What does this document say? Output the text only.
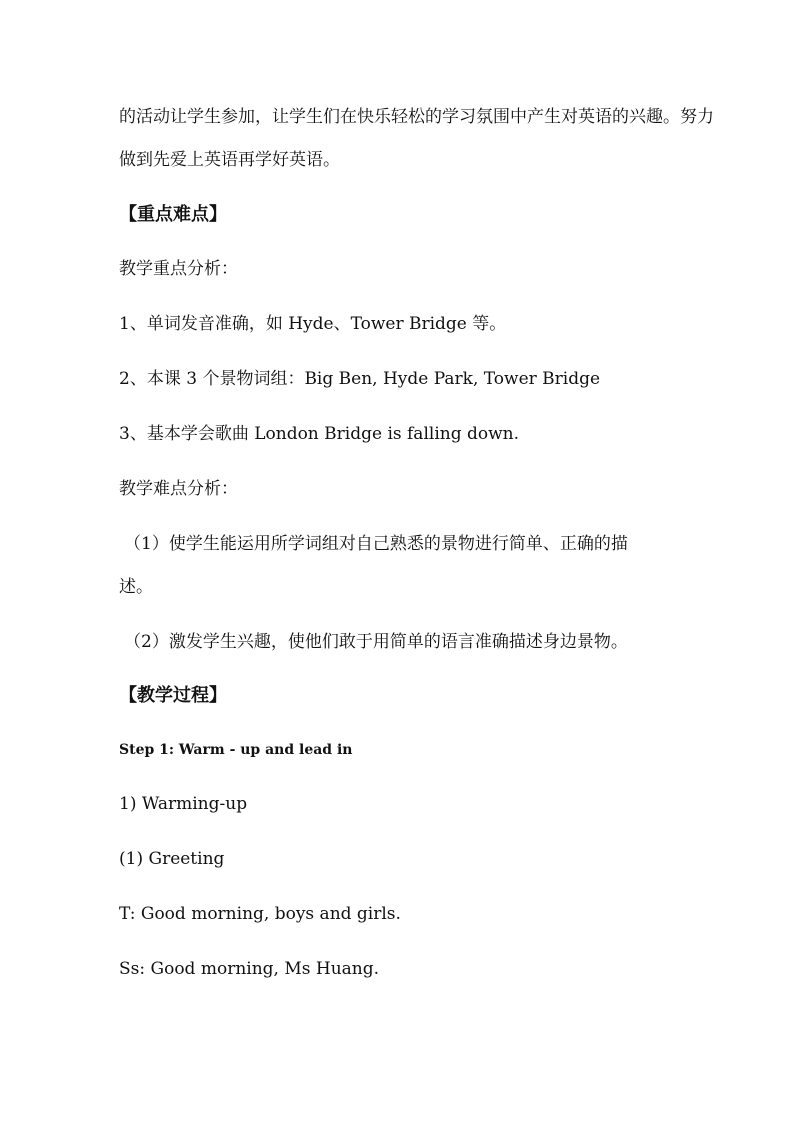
的活动让学生参加，让学生们在快乐轻松的学习氛围中产生对英语的兴趣。努力
做到先爱上英语再学好英语。
【重点难点】
教学重点分析：
1、单词发音准确，如 Hyde、Tower Bridge 等。
2、本课 3 个景物词组：Big Ben, Hyde Park, Tower Bridge
3、基本学会歌曲 London Bridge is falling down.
教学难点分析：
（1）使学生能运用所学词组对自己熟悉的景物进行简单、正确的描
述。
（2）激发学生兴趣，使他们敢于用简单的语言准确描述身边景物。
【教学过程】
Step 1: Warm - up and lead in
1) Warming-up
(1) Greeting
T: Good morning, boys and girls.
Ss: Good morning, Ms Huang.
